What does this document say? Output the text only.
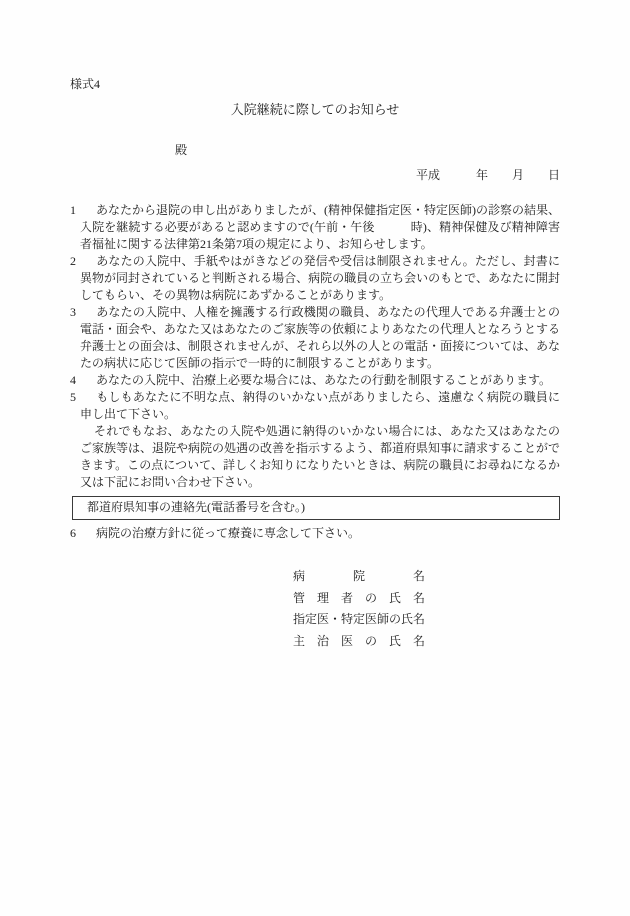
様式4
入院継続に際してのお知らせ
殿
平成　　　年　　月　　日
1 あなたから退院の申し出がありましたが、(精神保健指定医・特定医師)の診察の結果、入院を継続する必要があると認めますので(午前・午後　　　時)、精神保健及び精神障害者福祉に関する法律第21条第7項の規定により、お知らせします。
2 あなたの入院中、手紙やはがきなどの発信や受信は制限されません。ただし、封書に異物が同封されていると判断される場合、病院の職員の立ち会いのもとで、あなたに開封してもらい、その異物は病院にあずかることがあります。
3 あなたの入院中、人権を擁護する行政機関の職員、あなたの代理人である弁護士との電話・面会や、あなた又はあなたのご家族等の依頼によりあなたの代理人となろうとする弁護士との面会は、制限されませんが、それら以外の人との電話・面接については、あなたの病状に応じて医師の指示で一時的に制限することがあります。
4 あなたの入院中、治療上必要な場合には、あなたの行動を制限することがあります。
5 もしもあなたに不明な点、納得のいかない点がありましたら、遠慮なく病院の職員に申し出て下さい。
それでもなお、あなたの入院や処遇に納得のいかない場合には、あなた又はあなたのご家族等は、退院や病院の処遇の改善を指示するよう、都道府県知事に請求することができます。この点について、詳しくお知りになりたいときは、病院の職員にお尋ねになるか又は下記にお問い合わせ下さい。
都道府県知事の連絡先(電話番号を含む。)
6 病院の治療方針に従って療養に専念して下さい。
病　　　　院　　　　名
管　理　者　の　氏　名
指定医・特定医師の氏名
主　治　医　の　氏　名
